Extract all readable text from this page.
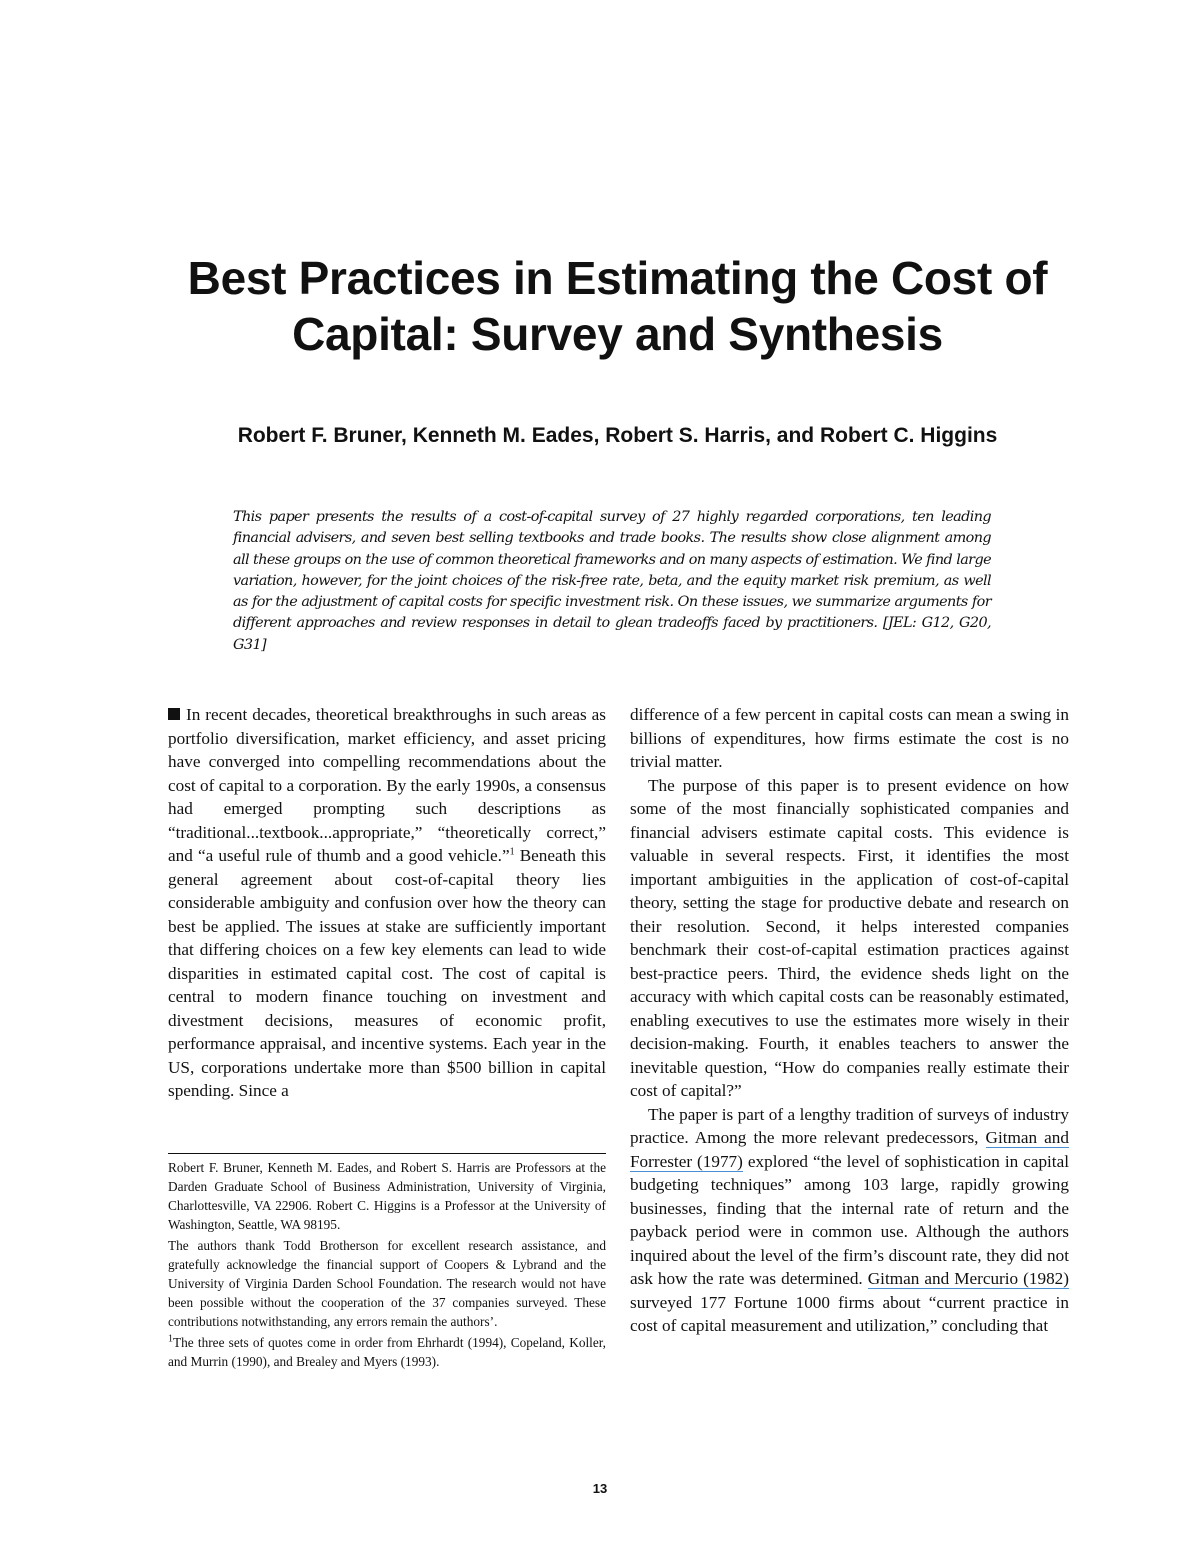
Best Practices in Estimating the Cost of Capital: Survey and Synthesis
Robert F. Bruner, Kenneth M. Eades, Robert S. Harris, and Robert C. Higgins

This paper presents the results of a cost-of-capital survey of 27 highly regarded corporations, ten leading financial advisers, and seven best selling textbooks and trade books. The results show close alignment among all these groups on the use of common theoretical frameworks and on many aspects of estimation. We find large variation, however, for the joint choices of the risk-free rate, beta, and the equity market risk premium, as well as for the adjustment of capital costs for specific investment risk. On these issues, we summarize arguments for different approaches and review responses in detail to glean tradeoffs faced by practitioners. [JEL: G12, G20, G31]

In recent decades, theoretical breakthroughs in such areas as portfolio diversification, market efficiency, and asset pricing have converged into compelling recommendations about the cost of capital to a corporation. By the early 1990s, a consensus had emerged prompting such descriptions as “traditional...textbook...appropriate,” “theoretically correct,” and “a useful rule of thumb and a good vehicle.”$^1$ Beneath this general agreement about cost-of-capital theory lies considerable ambiguity and confusion over how the theory can best be applied. The issues at stake are sufficiently important that differing choices on a few key elements can lead to wide disparities in estimated capital cost. The cost of capital is central to modern finance touching on investment and divestment decisions, measures of economic profit, performance appraisal, and incentive systems. Each year in the US, corporations undertake more than $500 billion in capital spending. Since a

Robert F. Bruner, Kenneth M. Eades, and Robert S. Harris are Professors at the Darden Graduate School of Business Administration, University of Virginia, Charlottesville, VA 22906. Robert C. Higgins is a Professor at the University of Washington, Seattle, WA 98195.

The authors thank Todd Brotherson for excellent research assistance, and gratefully acknowledge the financial support of Coopers & Lybrand and the University of Virginia Darden School Foundation. The research would not have been possible without the cooperation of the 37 companies surveyed. These contributions notwithstanding, any errors remain the authors’.

$^1$The three sets of quotes come in order from Ehrhardt (1994), Copeland, Koller, and Murrin (1990), and Brealey and Myers (1993).

difference of a few percent in capital costs can mean a swing in billions of expenditures, how firms estimate the cost is no trivial matter.

The purpose of this paper is to present evidence on how some of the most financially sophisticated companies and financial advisers estimate capital costs. This evidence is valuable in several respects. First, it identifies the most important ambiguities in the application of cost-of-capital theory, setting the stage for productive debate and research on their resolution. Second, it helps interested companies benchmark their cost-of-capital estimation practices against best-practice peers. Third, the evidence sheds light on the accuracy with which capital costs can be reasonably estimated, enabling executives to use the estimates more wisely in their decision-making. Fourth, it enables teachers to answer the inevitable question, “How do companies really estimate their cost of capital?”

The paper is part of a lengthy tradition of surveys of industry practice. Among the more relevant predecessors, Gitman and Forrester (1977) explored “the level of sophistication in capital budgeting techniques” among 103 large, rapidly growing businesses, finding that the internal rate of return and the payback period were in common use. Although the authors inquired about the level of the firm’s discount rate, they did not ask how the rate was determined. Gitman and Mercurio (1982) surveyed 177 Fortune 1000 firms about “current practice in cost of capital measurement and utilization,” concluding that

13
